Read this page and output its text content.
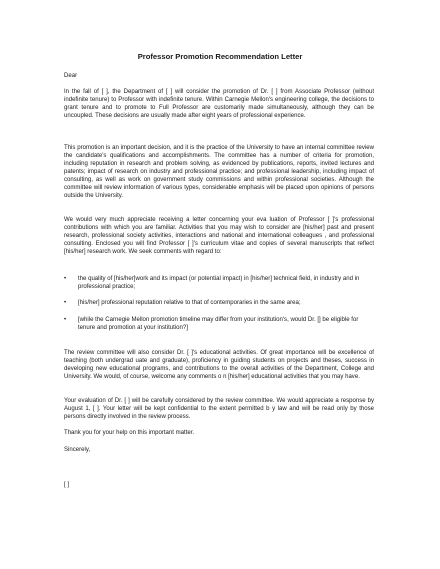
Professor Promotion Recommendation Letter
Dear
In the fall of [ ], the Department of [ ] will consider the promotion of Dr. [ ] from Associate Professor (without indefinite tenure) to Professor with indefinite tenure. Within Carnegie Mellon's engineering college, the decisions to grant tenure and to promote to Full Professor are customarily made simultaneously, although they can be uncoupled. These decisions are usually made after eight years of professional experience.
This promotion is an important decision, and it is the practice of the University to have an internal committee review the candidate's qualifications and accomplishments. The committee has a number of criteria for promotion, including reputation in research and problem solving, as evidenced by publications, reports, invited lectures and patents; impact of research on industry and professional practice; and professional leadership, including impact of consulting, as well as work on government study commissions and within professional societies. Although the committee will review information of various types, considerable emphasis will be placed upon opinions of persons outside the University.
We would very much appreciate receiving a letter concerning your eva luation of Professor [ ]'s professional contributions with which you are familiar. Activities that you may wish to consider are [his/her] past and present research, professional society activities, interactions and national and international colleagues , and professional consulting. Enclosed you will find Professor [ ]'s curriculum vitae and copies of several manuscripts that reflect [his/her] research work. We seek comments with regard to:
• the quality of [his/her]work and its impact (or potential impact) in [his/her] technical field, in industry and in professional practice;
• [his/her] professional reputation relative to that of contemporaries in the same area;
• [while the Carnegie Mellon promotion timeline may differ from your institution's, would Dr. [] be eligible for tenure and promotion at your institution?]
The review committee will also consider Dr. [ ]'s educational activities. Of great importance will be excellence of teaching (both undergrad uate and graduate), proficiency in guiding students on projects and theses, success in developing new educational programs, and contributions to the overall activities of the Department, College and University. We would, of course, welcome any comments o n [his/her] educational activities that you may have.
Your evaluation of Dr. [ ] will be carefully considered by the review committee. We would appreciate a response by August 1, [ ]. Your letter will be kept confidential to the extent permitted b y law and will be read only by those persons directly involved in the review process.
Thank you for your help on this important matter.
Sincerely,
[ ]
